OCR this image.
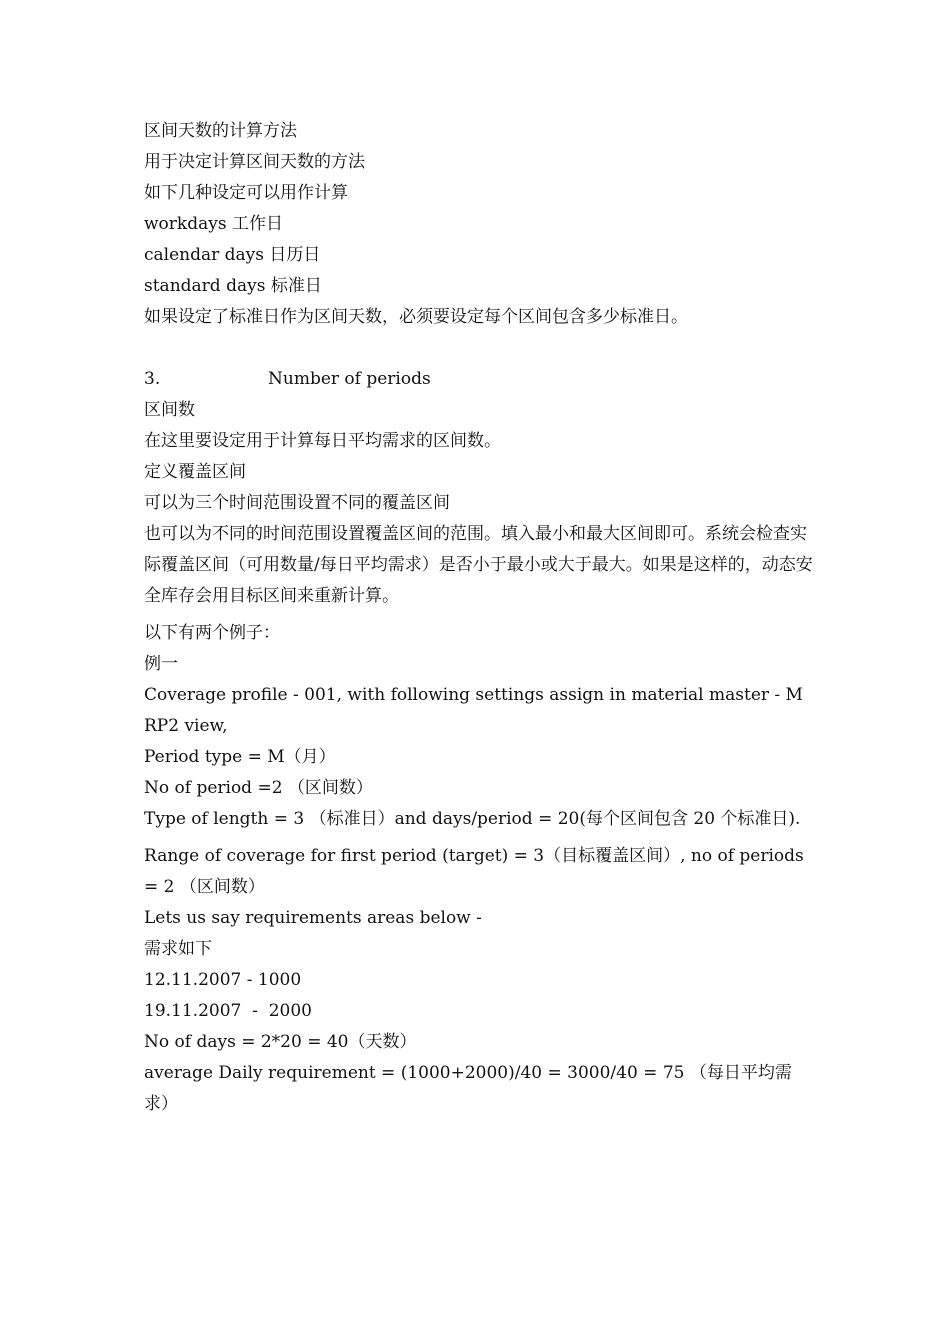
区间天数的计算方法
用于决定计算区间天数的方法
如下几种设定可以用作计算
workdays 工作日
calendar days 日历日
standard days 标准日
如果设定了标准日作为区间天数，必须要设定每个区间包含多少标准日。
3.	Number of periods
区间数
在这里要设定用于计算每日平均需求的区间数。
定义覆盖区间
可以为三个时间范围设置不同的覆盖区间
也可以为不同的时间范围设置覆盖区间的范围。填入最小和最大区间即可。系统会检查实际覆盖区间（可用数量/每日平均需求）是否小于最小或大于最大。如果是这样的，动态安全库存会用目标区间来重新计算。
以下有两个例子：
例一
Coverage profile - 001, with following settings assign in material master - MRP2 view,
Period type = M（月）
No of period =2 （区间数）
Type of length = 3 （标准日）and days/period = 20(每个区间包含 20 个标准日).
Range of coverage for first period (target) = 3（目标覆盖区间）, no of periods= 2 （区间数）
Lets us say requirements areas below -
需求如下
12.11.2007 - 1000
19.11.2007  -  2000
No of days = 2*20 = 40（天数）
average Daily requirement = (1000+2000)/40 = 3000/40 = 75 （每日平均需求）
